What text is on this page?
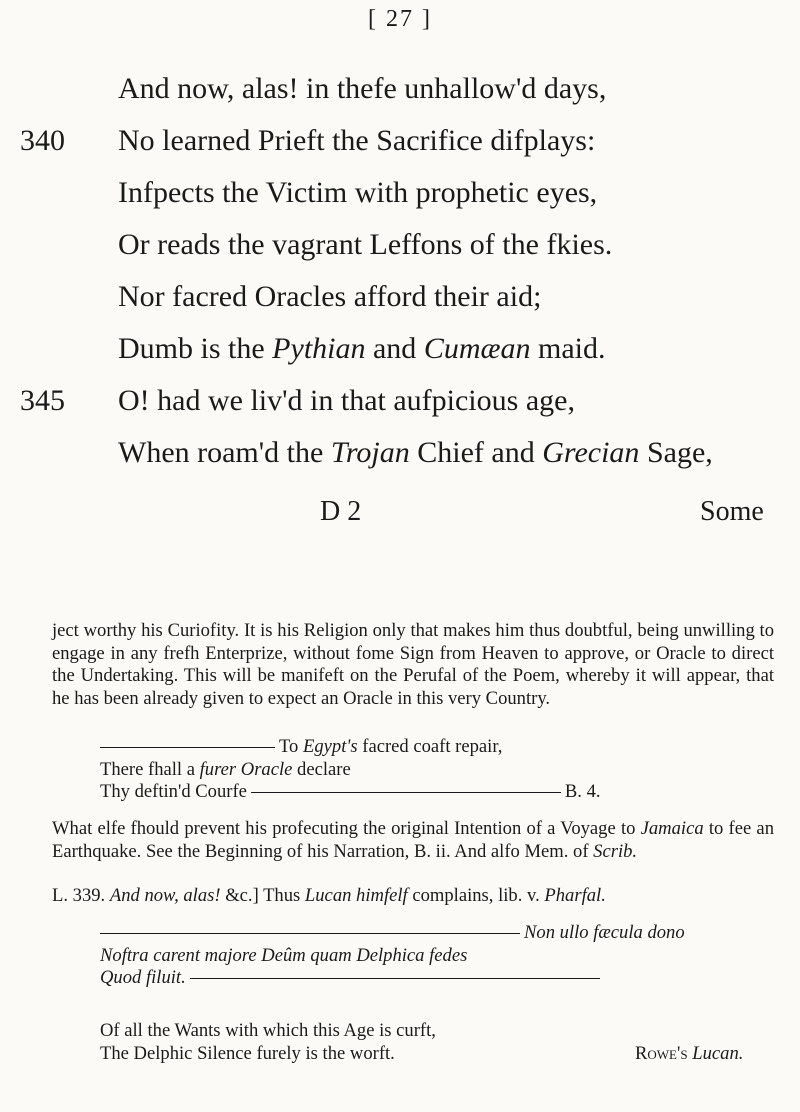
[ 27 ]
And now, alas! in thefe unhallow'd days,
340	No learned Prieft the Sacrifice difplays:
Infpects the Victim with prophetic eyes,
Or reads the vagrant Leffons of the fkies.
Nor facred Oracles afford their aid;
Dumb is the Pythian and Cumæan maid.
345	O! had we liv'd in that aufpicious age,
When roam'd the Trojan Chief and Grecian Sage,
D 2	Some

ject worthy his Curiofity. It is his Religion only that makes him thus doubtful, being unwilling to engage in any frefh Enterprize, without fome Sign from Heaven to approve, or Oracle to direct the Undertaking. This will be manifeft on the Perufal of the Poem, whereby it will appear, that he has been already given to expect an Oracle in this very Country.

To Egypt's facred coaft repair,
There fhall a furer Oracle declare
Thy deftin'd Courfe	B. 4.

What elfe fhould prevent his profecuting the original Intention of a Voyage to Jamaica to fee an Earthquake. See the Beginning of his Narration, B. ii. And alfo Mem. of Scrib.

L. 339. And now, alas! &c.] Thus Lucan himfelf complains, lib. v. Pharfal.

Non ullo fæcula dono
Noftra carent majore Deûm quam Delphica fedes
Quod filuit.
Of all the Wants with which this Age is curft,
The Delphic Silence furely is the worft.	Rowe's Lucan.
